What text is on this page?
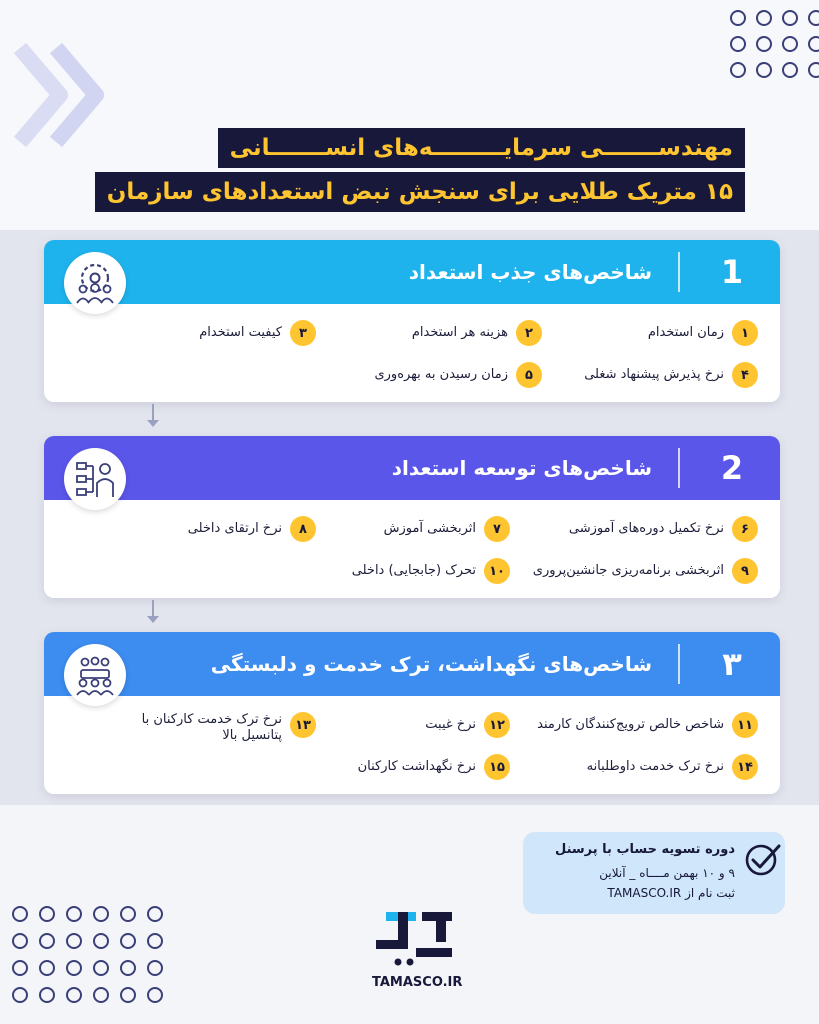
مهندســـــــی سرمایـــــــــه‌های انســـــــانی
۱۵ متریک طلایی برای سنجش نبض استعدادهای سازمان
1
شاخص‌های جذب استعداد
۱
زمان استخدام
۲
هزینه هر استخدام
۳
کیفیت استخدام
۴
نرخ پذیرش پیشنهاد شغلی
۵
زمان رسیدن به بهره‌وری
2
شاخص‌های توسعه استعداد
۶
نرخ تکمیل دوره‌های آموزشی
۷
اثربخشی آموزش
۸
نرخ ارتقای داخلی
۹
اثربخشی برنامه‌ریزی جانشین‌پروری
۱۰
تحرک (جابجایی) داخلی
۳
شاخص‌های نگهداشت، ترک خدمت و دلبستگی
۱۱
شاخص خالص ترویج‌کنندگان کارمند
۱۲
نرخ غیبت
۱۳
نرخ ترک خدمت کارکنان با
پتانسیل بالا
۱۴
نرخ ترک خدمت داوطلبانه
۱۵
نرخ نگهداشت کارکنان
دوره تسویه حساب با پرسنل
۹ و ۱۰ بهمن مــــاه _ آنلاین
ثبت نام از TAMASCO.IR
TAMASCO.IR
